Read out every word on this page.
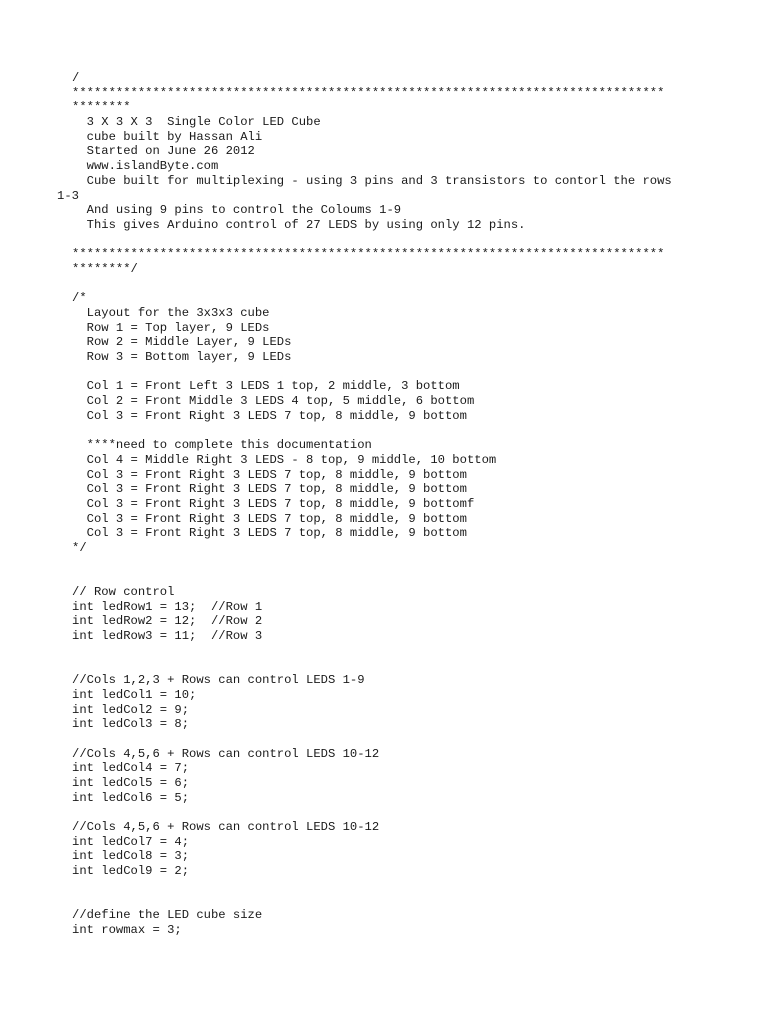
/
*********************************************************************************
********
3 X 3 X 3  Single Color LED Cube
cube built by Hassan Ali
Started on June 26 2012
www.islandByte.com
Cube built for multiplexing - using 3 pins and 3 transistors to contorl the rows
1-3
And using 9 pins to control the Coloums 1-9
This gives Arduino control of 27 LEDS by using only 12 pins.
*********************************************************************************
********/
/*
Layout for the 3x3x3 cube
Row 1 = Top layer, 9 LEDs
Row 2 = Middle Layer, 9 LEDs
Row 3 = Bottom layer, 9 LEDs
Col 1 = Front Left 3 LEDS 1 top, 2 middle, 3 bottom
Col 2 = Front Middle 3 LEDS 4 top, 5 middle, 6 bottom
Col 3 = Front Right 3 LEDS 7 top, 8 middle, 9 bottom
****need to complete this documentation
Col 4 = Middle Right 3 LEDS - 8 top, 9 middle, 10 bottom
Col 3 = Front Right 3 LEDS 7 top, 8 middle, 9 bottom
Col 3 = Front Right 3 LEDS 7 top, 8 middle, 9 bottom
Col 3 = Front Right 3 LEDS 7 top, 8 middle, 9 bottomf
Col 3 = Front Right 3 LEDS 7 top, 8 middle, 9 bottom
Col 3 = Front Right 3 LEDS 7 top, 8 middle, 9 bottom
*/
// Row control
int ledRow1 = 13;  //Row 1
int ledRow2 = 12;  //Row 2
int ledRow3 = 11;  //Row 3
//Cols 1,2,3 + Rows can control LEDS 1-9
int ledCol1 = 10;
int ledCol2 = 9;
int ledCol3 = 8;
//Cols 4,5,6 + Rows can control LEDS 10-12
int ledCol4 = 7;
int ledCol5 = 6;
int ledCol6 = 5;
//Cols 4,5,6 + Rows can control LEDS 10-12
int ledCol7 = 4;
int ledCol8 = 3;
int ledCol9 = 2;
//define the LED cube size
int rowmax = 3;
